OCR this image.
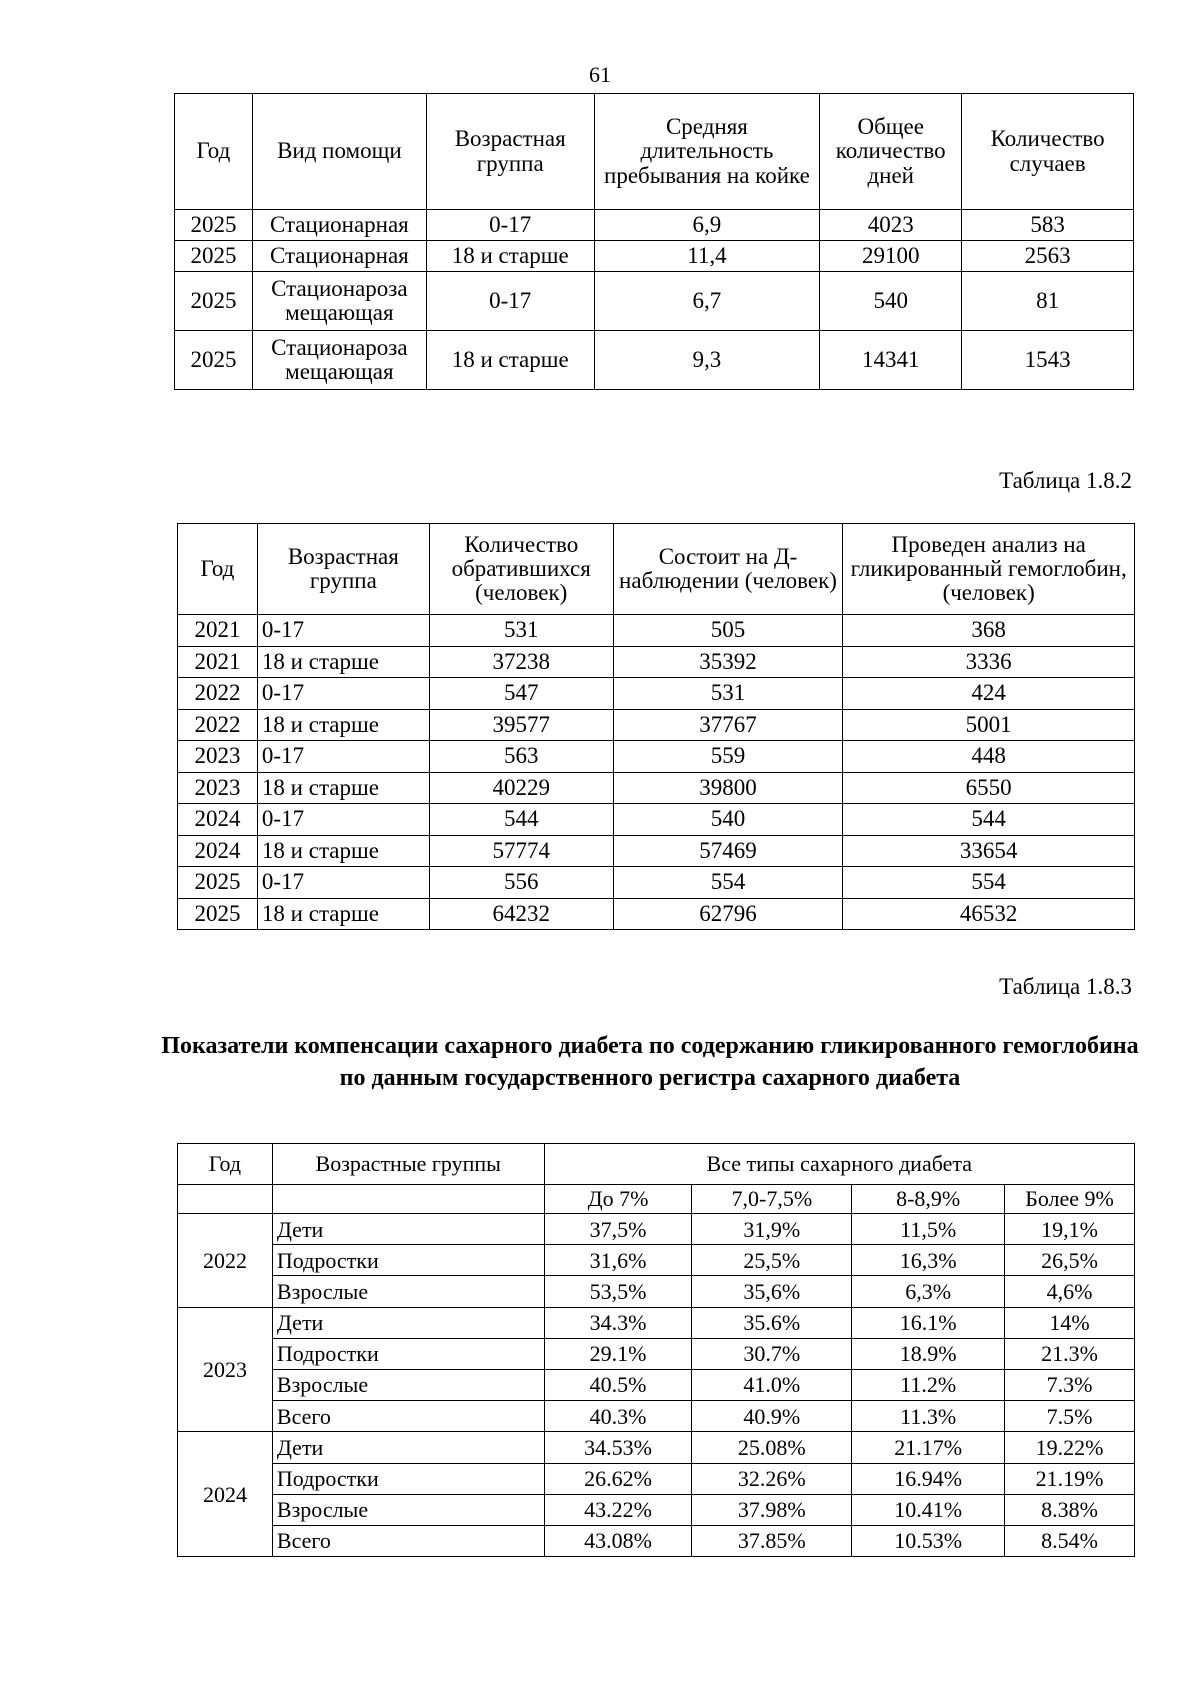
61
Год	Вид помощи	Возрастная группа	Средняя длительность пребывания на койке	Общее количество дней	Количество случаев
2025	Стационарная	0-17	6,9	4023	583
2025	Стационарная	18 и старше	11,4	29100	2563
2025	Стационароза мещающая	0-17	6,7	540	81
2025	Стационароза мещающая	18 и старше	9,3	14341	1543
Таблица 1.8.2
Год	Возрастная группа	Количество обратившихся (человек)	Состоит на Д-наблюдении (человек)	Проведен анализ на гликированный гемоглобин, (человек)
2021	0-17	531	505	368
2021	18 и старше	37238	35392	3336
2022	0-17	547	531	424
2022	18 и старше	39577	37767	5001
2023	0-17	563	559	448
2023	18 и старше	40229	39800	6550
2024	0-17	544	540	544
2024	18 и старше	57774	57469	33654
2025	0-17	556	554	554
2025	18 и старше	64232	62796	46532
Таблица 1.8.3
Показатели компенсации сахарного диабета по содержанию гликированного гемоглобина по данным государственного регистра сахарного диабета
Год	Возрастные группы	Все типы сахарного диабета			
		До 7%	7,0-7,5%	8-8,9%	Более 9%
2022	Дети	37,5%	31,9%	11,5%	19,1%
	Подростки	31,6%	25,5%	16,3%	26,5%
	Взрослые	53,5%	35,6%	6,3%	4,6%
2023	Дети	34.3%	35.6%	16.1%	14%
	Подростки	29.1%	30.7%	18.9%	21.3%
	Взрослые	40.5%	41.0%	11.2%	7.3%
	Всего	40.3%	40.9%	11.3%	7.5%
2024	Дети	34.53%	25.08%	21.17%	19.22%
	Подростки	26.62%	32.26%	16.94%	21.19%
	Взрослые	43.22%	37.98%	10.41%	8.38%
	Всего	43.08%	37.85%	10.53%	8.54%
